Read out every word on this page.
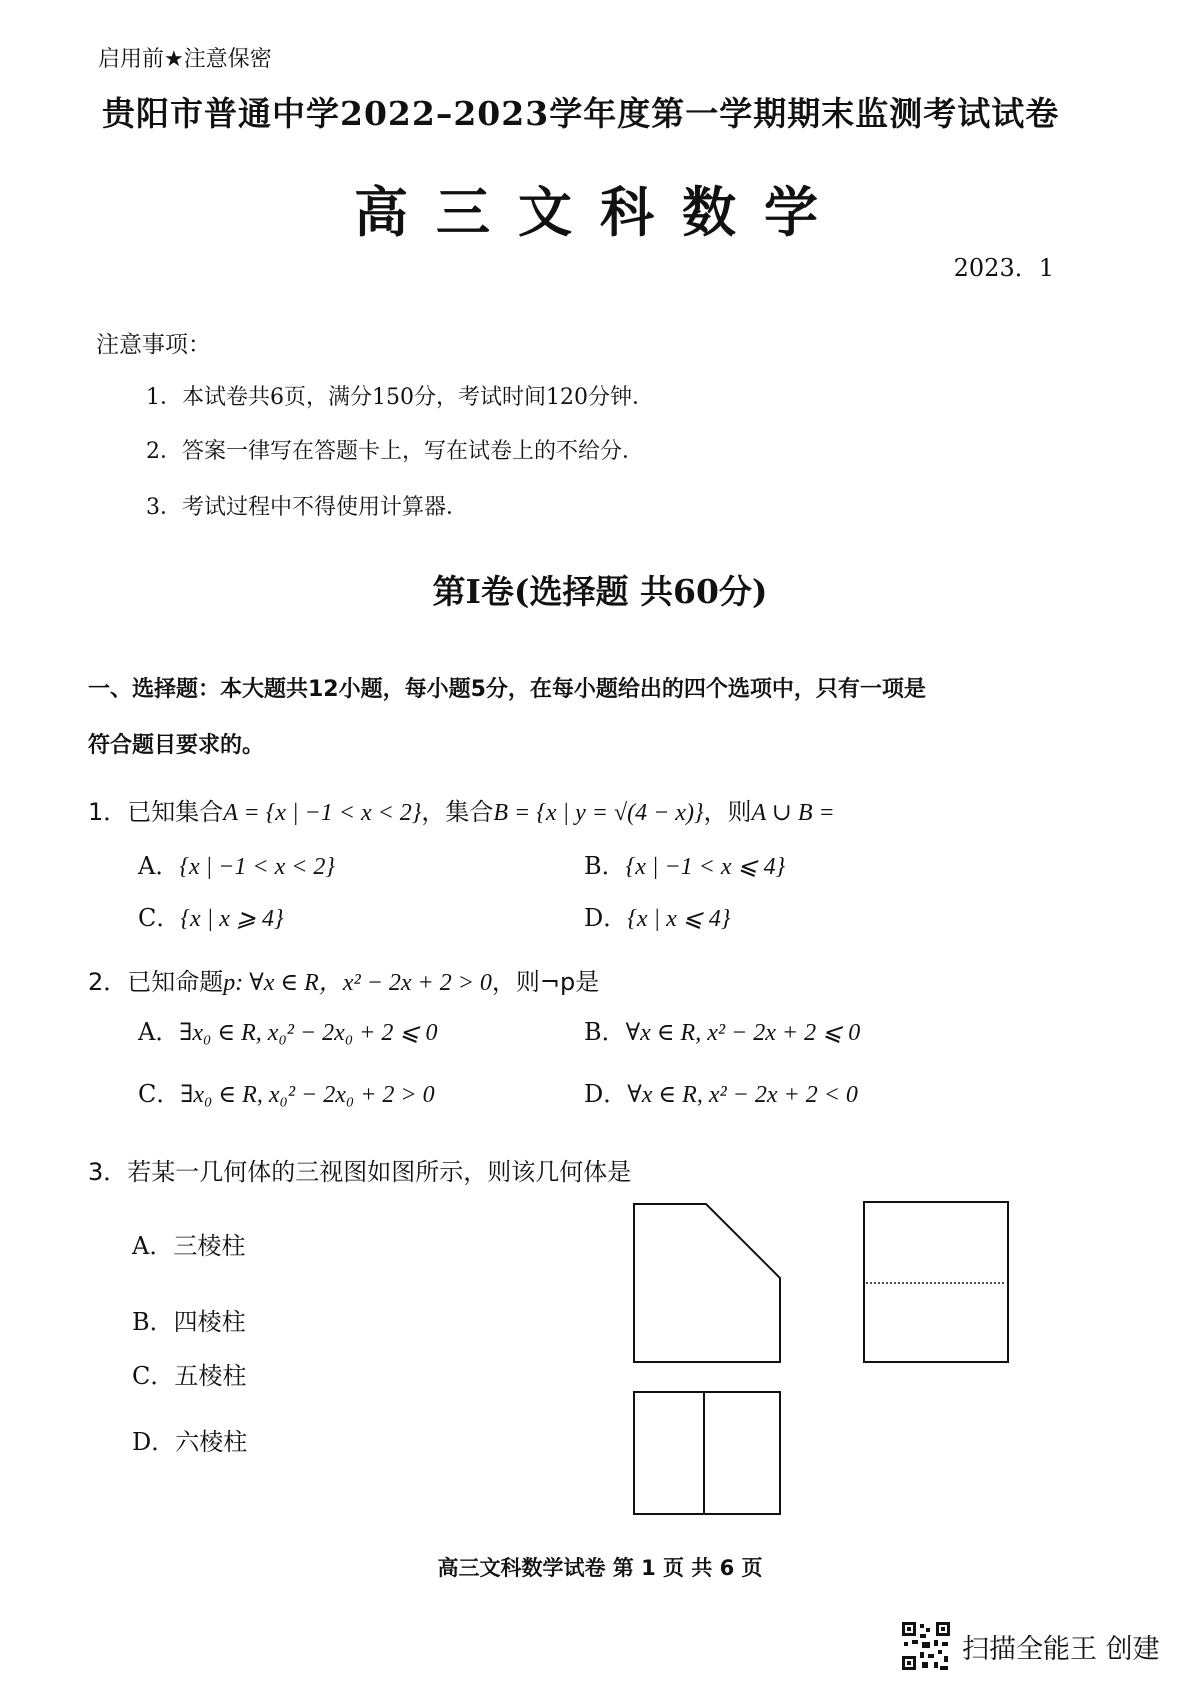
启用前★注意保密
贵阳市普通中学2022–2023学年度第一学期期末监测考试试卷
高三文科数学
2023．1
注意事项：
1．本试卷共6页，满分150分，考试时间120分钟．
2．答案一律写在答题卡上，写在试卷上的不给分．
3．考试过程中不得使用计算器．
第I卷(选择题 共60分)
一、选择题：本大题共12小题，每小题5分，在每小题给出的四个选项中，只有一项是
符合题目要求的。
1．已知集合A = {x | −1 < x < 2}，集合B = {x | y = √(4 − x)}，则A ∪ B =
A．{x | −1 < x < 2}	B．{x | −1 < x ⩽ 4}
C．{x | x ⩾ 4}	D．{x | x ⩽ 4}
2．已知命题p: ∀x ∈ R，x² − 2x + 2 > 0，则¬p是
A．∃x₀ ∈ R, x₀² − 2x₀ + 2 ⩽ 0	B．∀x ∈ R, x² − 2x + 2 ⩽ 0
C．∃x₀ ∈ R, x₀² − 2x₀ + 2 > 0	D．∀x ∈ R, x² − 2x + 2 < 0
3．若某一几何体的三视图如图所示，则该几何体是
A．三棱柱
B．四棱柱
C．五棱柱
D．六棱柱
高三文科数学试卷 第 1 页 共 6 页
扫描全能王 创建
